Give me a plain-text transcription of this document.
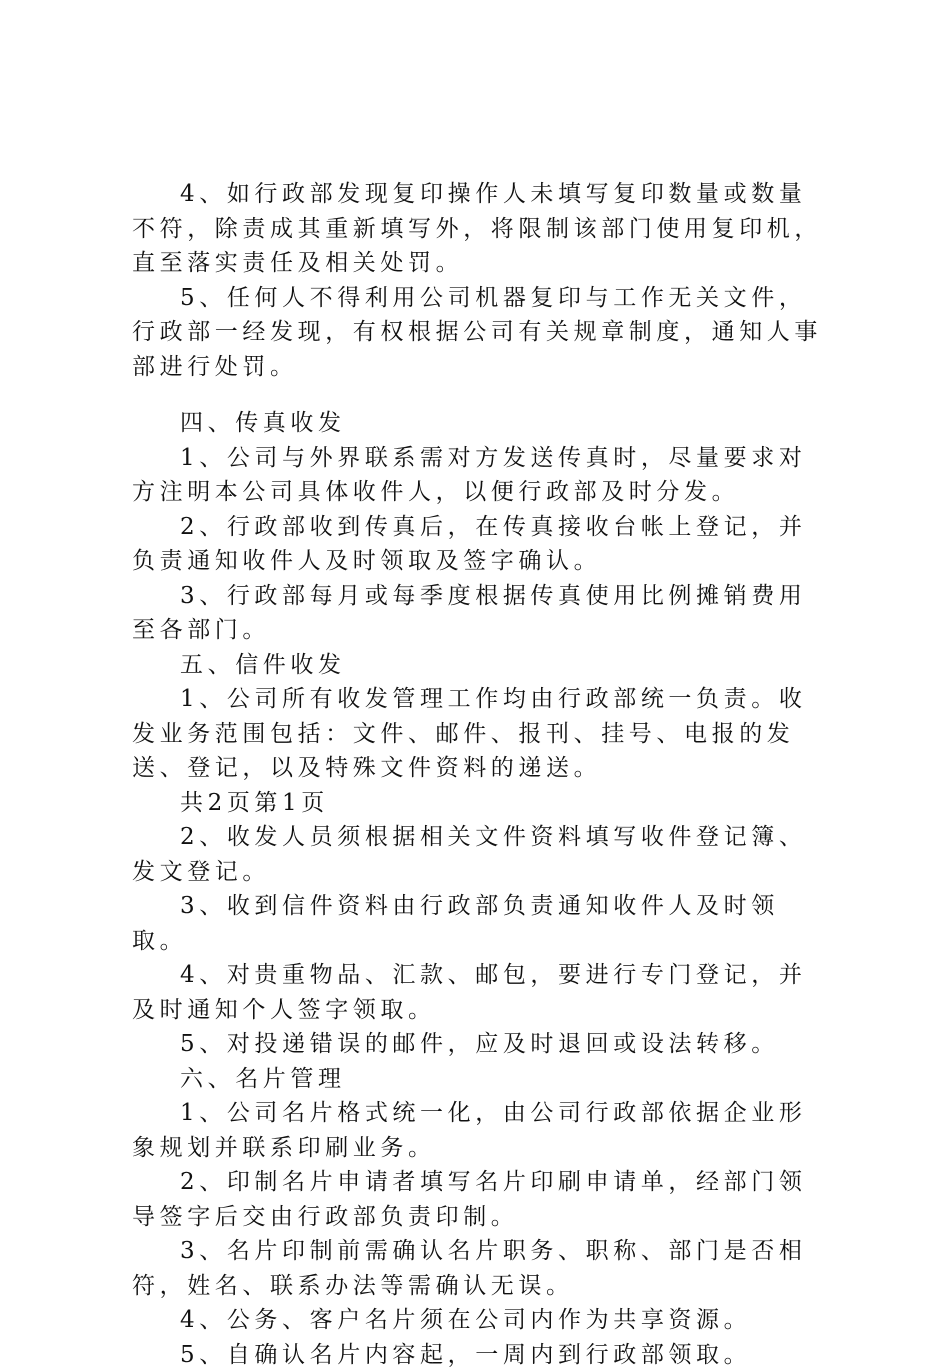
4、如行政部发现复印操作人未填写复印数量或数量不符，除责成其重新填写外，将限制该部门使用复印机，直至落实责任及相关处罚。

5、任何人不得利用公司机器复印与工作无关文件，行政部一经发现，有权根据公司有关规章制度，通知人事部进行处罚。

四、传真收发

1、公司与外界联系需对方发送传真时，尽量要求对方注明本公司具体收件人，以便行政部及时分发。

2、行政部收到传真后，在传真接收台帐上登记，并负责通知收件人及时领取及签字确认。

3、行政部每月或每季度根据传真使用比例摊销费用至各部门。

五、信件收发

1、公司所有收发管理工作均由行政部统一负责。收发业务范围包括：文件、邮件、报刊、挂号、电报的发送、登记，以及特殊文件资料的递送。

共2页第1页

2、收发人员须根据相关文件资料填写收件登记簿、发文登记。

3、收到信件资料由行政部负责通知收件人及时领取。

4、对贵重物品、汇款、邮包，要进行专门登记，并及时通知个人签字领取。

5、对投递错误的邮件，应及时退回或设法转移。

六、名片管理

1、公司名片格式统一化，由公司行政部依据企业形象规划并联系印刷业务。

2、印制名片申请者填写名片印刷申请单，经部门领导签字后交由行政部负责印制。

3、名片印制前需确认名片职务、职称、部门是否相符，姓名、联系办法等需确认无误。

4、公务、客户名片须在公司内作为共享资源。

5、自确认名片内容起，一周内到行政部领取。
